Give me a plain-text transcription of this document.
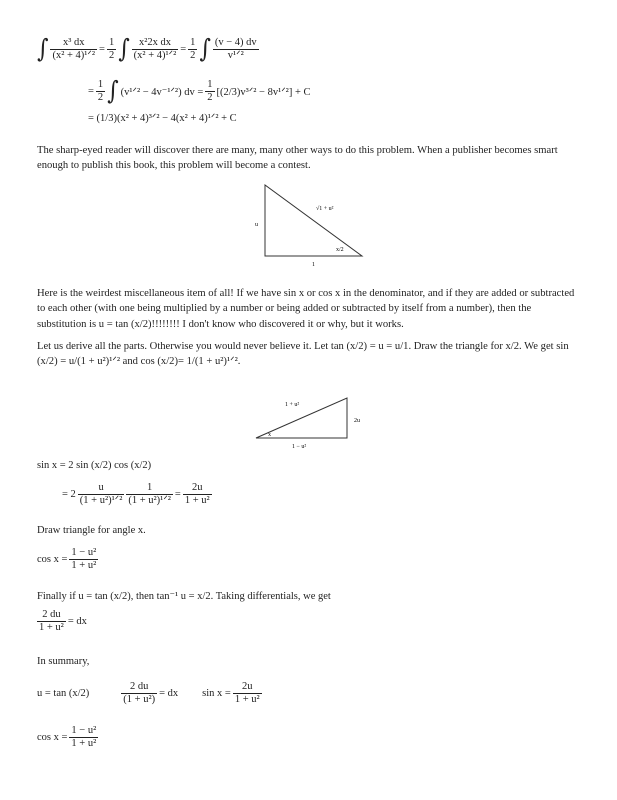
∫ $\frac{\text{x³ dx}}{\text{(x² + 4)¹ᐟ²}} = \frac{1}{2}$ ∫ $\frac{\text{x²2x dx}}{\text{(x² + 4)¹ᐟ²}} = \frac{1}{2}$ ∫ $\frac{(v - 4) dv}{\text{v¹ᐟ²}}$
= $\frac{1}{2}$ ∫ (v¹ᐟ² − 4v⁻¹ᐟ²) dv = $\frac{1}{2}$ [(2/3)v³ᐟ² − 8v¹ᐟ²] + C
= (1/3)(x² + 4)³ᐟ² − 4(x² + 4)¹ᐟ² + C
The sharp-eyed reader will discover there are many, many other ways to do this problem. When a publisher becomes smart enough to publish this book, this problem will become a contest.
u
√1 + u²
x/2
1
Here is the weirdest miscellaneous item of all! If we have sin x or cos x in the denominator, and if they are added or subtracted to each other (with one being multiplied by a number or being added or subtracted by itself from a number), then the substitution is u = tan (x/2)!!!!!!!! I don't know who discovered it or why, but it works.
Let us derive all the parts. Otherwise you would never believe it. Let tan (x/2) = u = u/1. Draw the triangle for x/2. We get sin (x/2) = u/(1 + u²)¹ᐟ² and cos (x/2)= 1/(1 + u²)¹ᐟ².
1 + u²
2u
x
1 − u²
sin x = 2 sin (x/2) cos (x/2)
= $2 \frac{u}{\text{(1 + u²)¹ᐟ²}} \frac{1}{\text{(1 + u²)¹ᐟ²}} = \frac{2u}{\text{1 + u²}}$
Draw triangle for angle x.
$\cos x = \frac{\text{1 − u²}}{\text{1 + u²}}$
Finally if u = tan (x/2), then tan⁻¹ u = x/2. Taking differentials, we get
$\frac{2 du}{\text{1 + u²}}$ = dx
In summary,
u = tan (x/2)	$\frac{2 du}{\text{(1 + u²)}}$ = dx $\sin x = \frac{2u}{\text{1 + u²}}$
$\cos x = \frac{\text{1 − u²}}{\text{1 + u²}}$
